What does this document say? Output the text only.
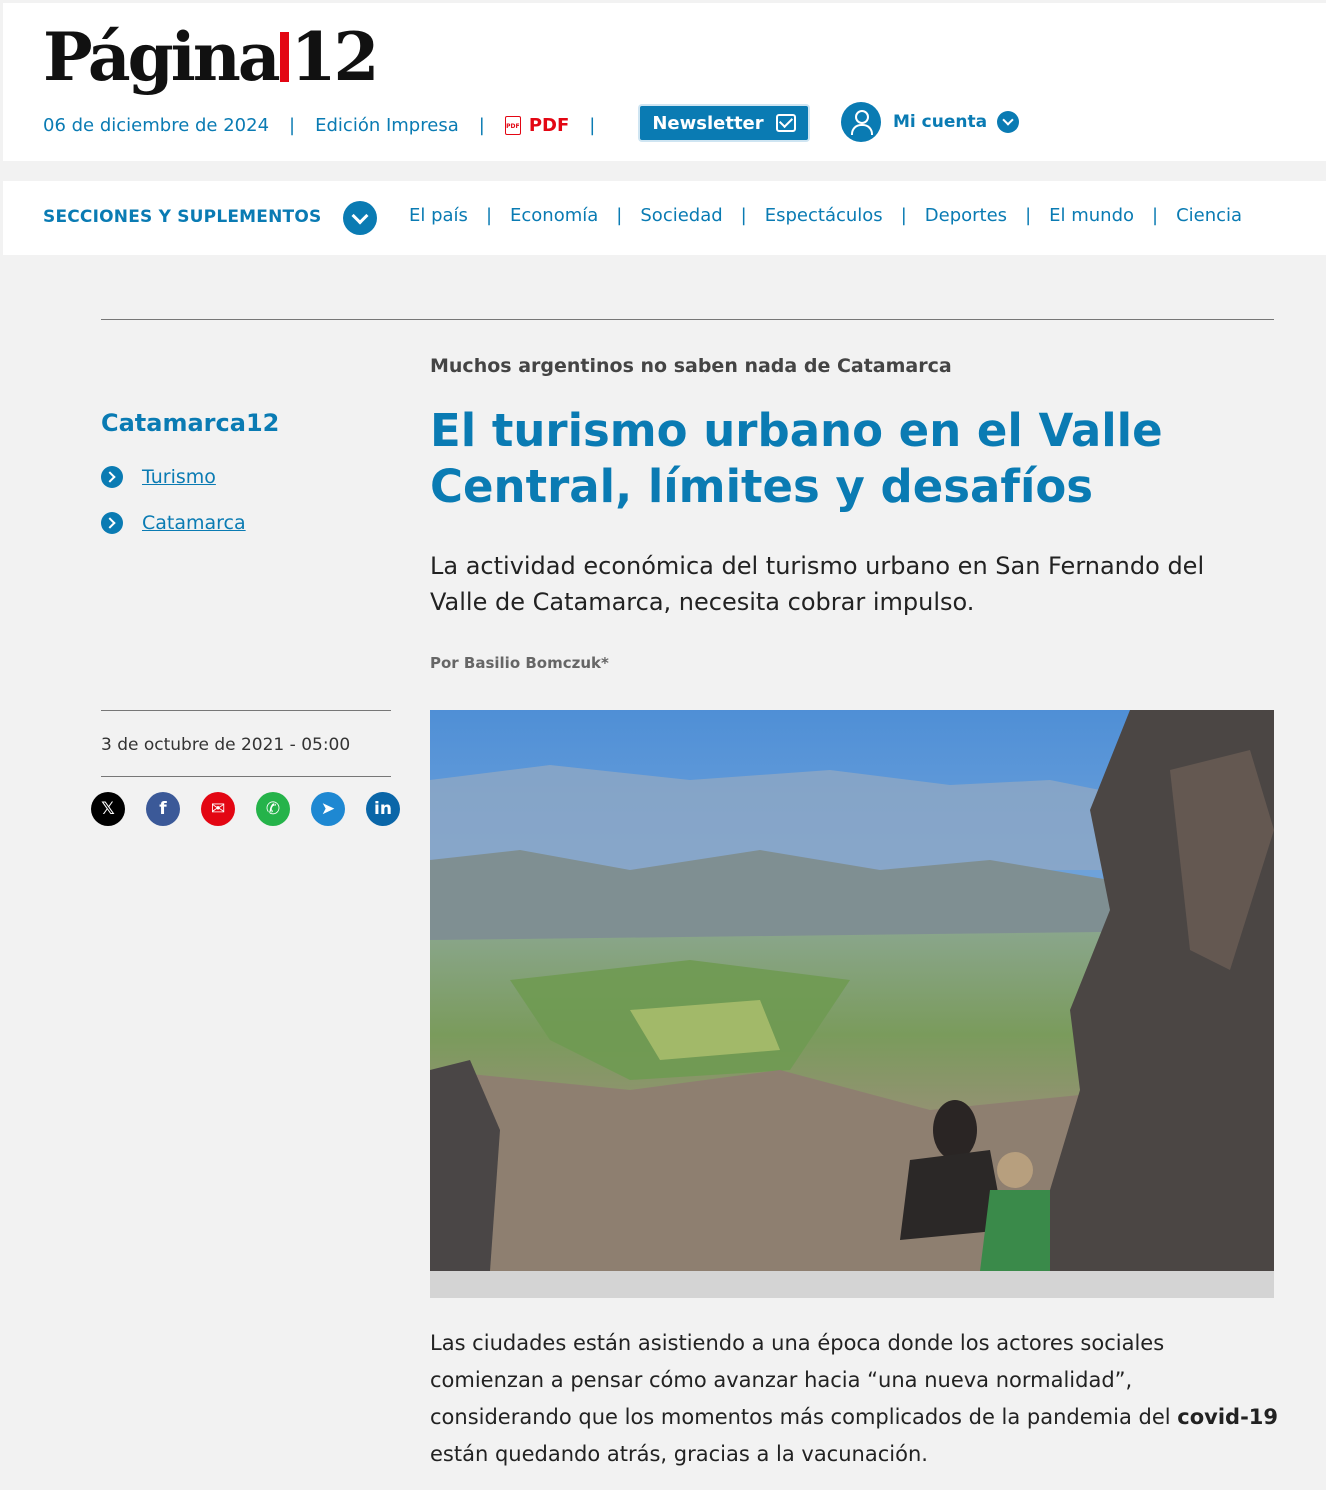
Página 12
06 de diciembre de 2024 | Edición Impresa |	PDF PDF |	Newsletter	Mi cuenta
SECCIONES Y SUPLEMENTOS	El país | Economía | Sociedad | Espectáculos | Deportes | El mundo | Ciencia
Muchos argentinos no saben nada de Catamarca
Catamarca12
Turismo
Catamarca
El turismo urbano en el Valle Central, límites y desafíos

La actividad económica del turismo urbano en San Fernando del Valle de Catamarca, necesita cobrar impulso.

Por Basilio Bomczuk*
3 de octubre de 2021 - 05:00
𝕏	f	✉	✆	➤	in

Las ciudades están asistiendo a una época donde los actores sociales comienzan a pensar cómo avanzar hacia “una nueva normalidad”, considerando que los momentos más complicados de la pandemia del covid-19 están quedando atrás, gracias a la vacunación.
